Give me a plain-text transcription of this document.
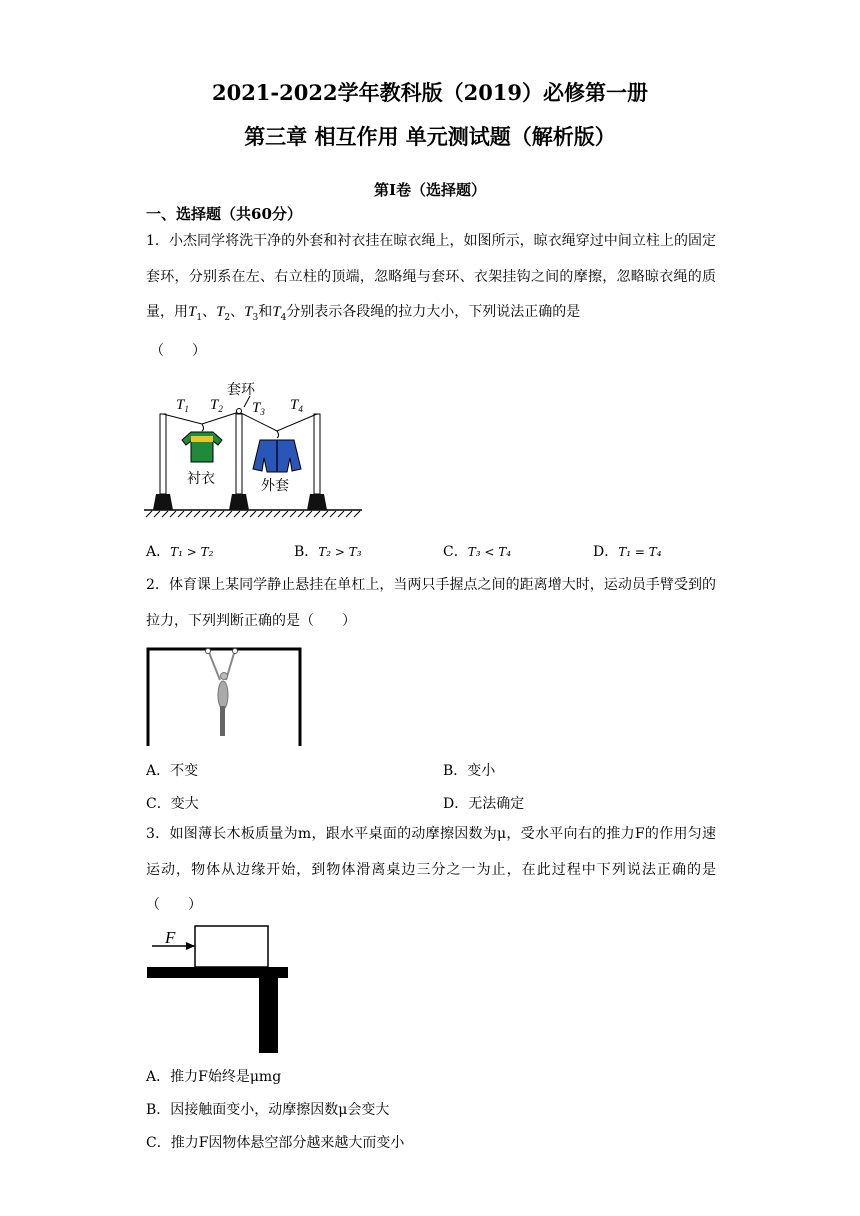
2021-2022学年教科版（2019）必修第一册
第三章 相互作用 单元测试题（解析版）
第Ⅰ卷（选择题）
一、选择题（共60分）
1．小杰同学将洗干净的外套和衬衣挂在晾衣绳上，如图所示，晾衣绳穿过中间立柱上的固定套环，分别系在左、右立柱的顶端，忽略绳与套环、衣架挂钩之间的摩擦，忽略晾衣绳的质量，用$T_1$、$T_2$、$T_3$和$T_4$分别表示各段绳的拉力大小，下列说法正确的是
（　　）
$T_1$ $T_2$ $T_3$ $T_4$
套环
衬衣	外套
A．T₁ > T₂	B．T₂ > T₃	C．T₃ < T₄	D．T₁ = T₄
2．体育课上某同学静止悬挂在单杠上，当两只手握点之间的距离增大时，运动员手臂受到的拉力，下列判断正确的是（　　）
A．不变	B．变小
C．变大	D．无法确定
3．如图薄长木板质量为m，跟水平桌面的动摩擦因数为μ，受水平向右的推力F的作用匀速运动，物体从边缘开始，到物体滑离桌边三分之一为止，在此过程中下列说法正确的是（　　）
F
A．推力F始终是μmg
B．因接触面变小，动摩擦因数μ会变大
C．推力F因物体悬空部分越来越大而变小
